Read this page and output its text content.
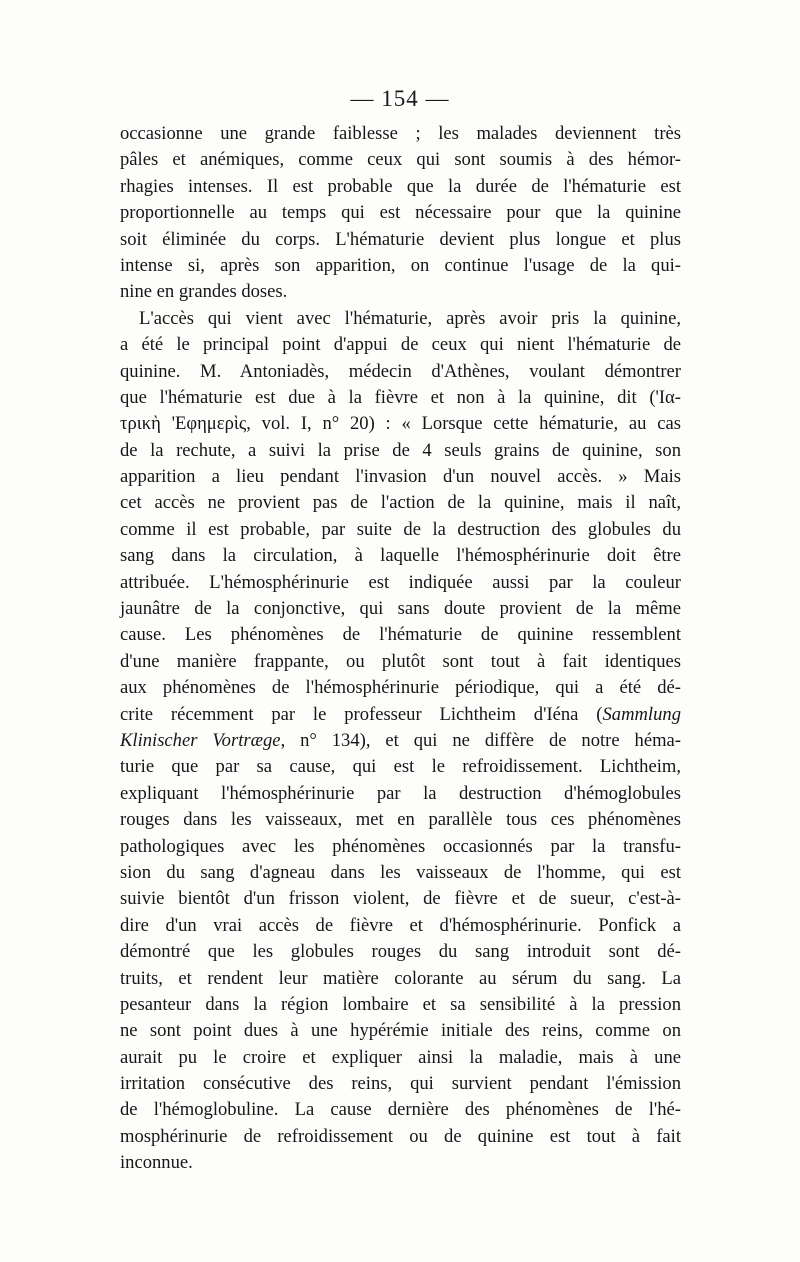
— 154 —
occasionne une grande faiblesse ; les malades deviennent très
pâles et anémiques, comme ceux qui sont soumis à des hémor-
rhagies intenses. Il est probable que la durée de l'hématurie est
proportionnelle au temps qui est nécessaire pour que la quinine
soit éliminée du corps. L'hématurie devient plus longue et plus
intense si, après son apparition, on continue l'usage de la qui-
nine en grandes doses.
L'accès qui vient avec l'hématurie, après avoir pris la quinine,
a été le principal point d'appui de ceux qui nient l'hématurie de
quinine. M. Antoniadès, médecin d'Athènes, voulant démontrer
que l'hématurie est due à la fièvre et non à la quinine, dit ('Ια-
τρικὴ 'Εφημερὶς, vol. I, n° 20) : « Lorsque cette hématurie, au cas
de la rechute, a suivi la prise de 4 seuls grains de quinine, son
apparition a lieu pendant l'invasion d'un nouvel accès. » Mais
cet accès ne provient pas de l'action de la quinine, mais il naît,
comme il est probable, par suite de la destruction des globules du
sang dans la circulation, à laquelle l'hémosphérinurie doit être
attribuée. L'hémosphérinurie est indiquée aussi par la couleur
jaunâtre de la conjonctive, qui sans doute provient de la même
cause. Les phénomènes de l'hématurie de quinine ressemblent
d'une manière frappante, ou plutôt sont tout à fait identiques
aux phénomènes de l'hémosphérinurie périodique, qui a été dé-
crite récemment par le professeur Lichtheim d'Iéna (Sammlung
Klinischer Vortræge, n° 134), et qui ne diffère de notre héma-
turie que par sa cause, qui est le refroidissement. Lichtheim,
expliquant l'hémosphérinurie par la destruction d'hémoglobules
rouges dans les vaisseaux, met en parallèle tous ces phénomènes
pathologiques avec les phénomènes occasionnés par la transfu-
sion du sang d'agneau dans les vaisseaux de l'homme, qui est
suivie bientôt d'un frisson violent, de fièvre et de sueur, c'est-à-
dire d'un vrai accès de fièvre et d'hémosphérinurie. Ponfick a
démontré que les globules rouges du sang introduit sont dé-
truits, et rendent leur matière colorante au sérum du sang. La
pesanteur dans la région lombaire et sa sensibilité à la pression
ne sont point dues à une hypérémie initiale des reins, comme on
aurait pu le croire et expliquer ainsi la maladie, mais à une
irritation consécutive des reins, qui survient pendant l'émission
de l'hémoglobuline. La cause dernière des phénomènes de l'hé-
mosphérinurie de refroidissement ou de quinine est tout à fait
inconnue.
